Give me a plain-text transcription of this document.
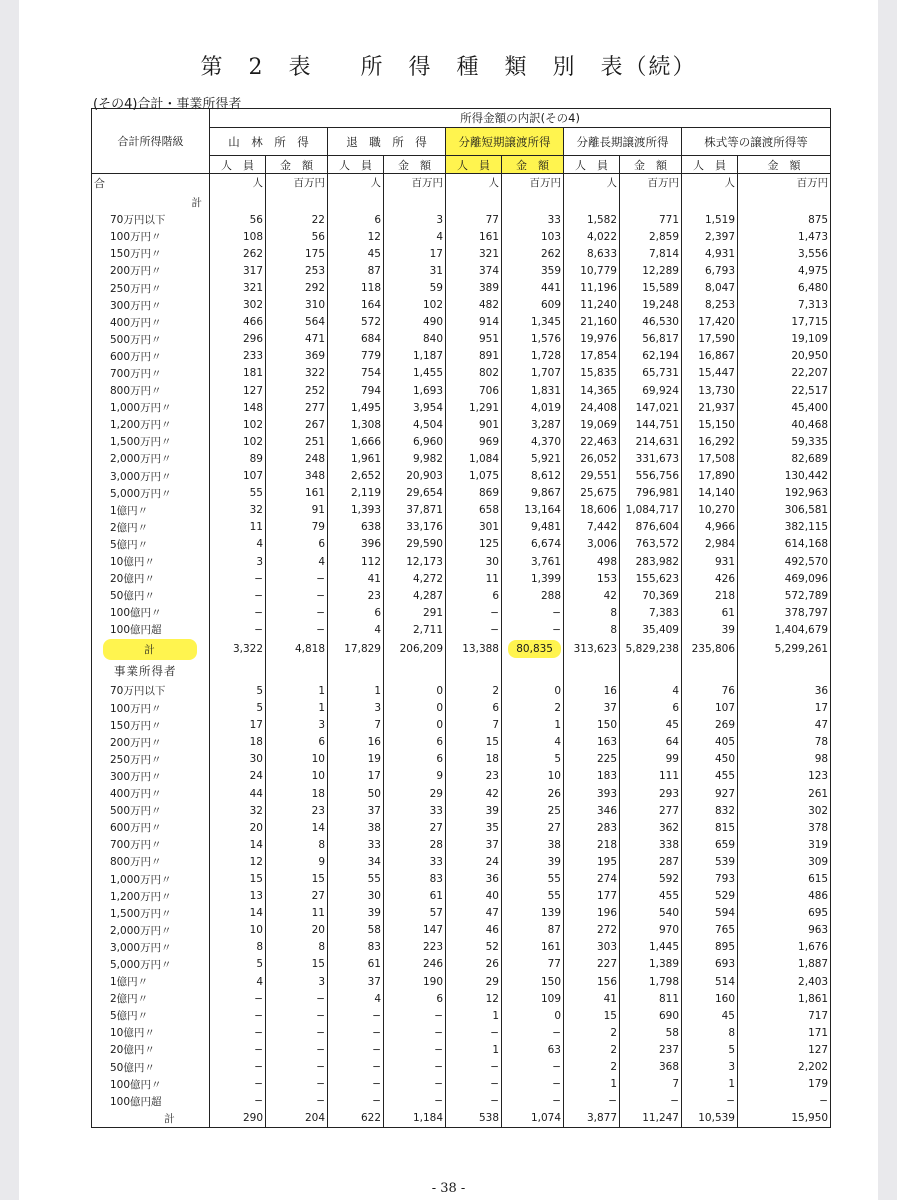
第　2　表　　所　得　種　類　別　表（続）
(その4)合計・事業所得者
合計所得階級	所得金額の内訳(その4)									
	山　林　所　得		退　職　所　得		分離短期譲渡所得		分離長期譲渡所得		株式等の譲渡所得等	
	人　員	金　額	人　員	金　額	人　員	金　額	人　員	金　額	人　員	金　額

合	人	百万円	人	百万円	人	百万円	人	百万円	人	百万円
計										
70万円以下	56	22	6	3	77	33	1,582	771	1,519	875
100万円〃	108	56	12	4	161	103	4,022	2,859	2,397	1,473
150万円〃	262	175	45	17	321	262	8,633	7,814	4,931	3,556
200万円〃	317	253	87	31	374	359	10,779	12,289	6,793	4,975
250万円〃	321	292	118	59	389	441	11,196	15,589	8,047	6,480
300万円〃	302	310	164	102	482	609	11,240	19,248	8,253	7,313
400万円〃	466	564	572	490	914	1,345	21,160	46,530	17,420	17,715
500万円〃	296	471	684	840	951	1,576	19,976	56,817	17,590	19,109
600万円〃	233	369	779	1,187	891	1,728	17,854	62,194	16,867	20,950
700万円〃	181	322	754	1,455	802	1,707	15,835	65,731	15,447	22,207
800万円〃	127	252	794	1,693	706	1,831	14,365	69,924	13,730	22,517
1,000万円〃	148	277	1,495	3,954	1,291	4,019	24,408	147,021	21,937	45,400
1,200万円〃	102	267	1,308	4,504	901	3,287	19,069	144,751	15,150	40,468
1,500万円〃	102	251	1,666	6,960	969	4,370	22,463	214,631	16,292	59,335
2,000万円〃	89	248	1,961	9,982	1,084	5,921	26,052	331,673	17,508	82,689
3,000万円〃	107	348	2,652	20,903	1,075	8,612	29,551	556,756	17,890	130,442
5,000万円〃	55	161	2,119	29,654	869	9,867	25,675	796,981	14,140	192,963
1億円〃	32	91	1,393	37,871	658	13,164	18,606	1,084,717	10,270	306,581
2億円〃	11	79	638	33,176	301	9,481	7,442	876,604	4,966	382,115
5億円〃	4	6	396	29,590	125	6,674	3,006	763,572	2,984	614,168
10億円〃	3	4	112	12,173	30	3,761	498	283,982	931	492,570
20億円〃	−	−	41	4,272	11	1,399	153	155,623	426	469,096
50億円〃	−	−	23	4,287	6	288	42	70,369	218	572,789
100億円〃	−	−	6	291	−	−	8	7,383	61	378,797
100億円超	−	−	4	2,711	−	−	8	35,409	39	1,404,679
計	3,322	4,818	17,829	206,209	13,388	80,835	313,623	5,829,238	235,806	5,299,261
事業所得者										
70万円以下	5	1	1	0	2	0	16	4	76	36
100万円〃	5	1	3	0	6	2	37	6	107	17
150万円〃	17	3	7	0	7	1	150	45	269	47
200万円〃	18	6	16	6	15	4	163	64	405	78
250万円〃	30	10	19	6	18	5	225	99	450	98
300万円〃	24	10	17	9	23	10	183	111	455	123
400万円〃	44	18	50	29	42	26	393	293	927	261
500万円〃	32	23	37	33	39	25	346	277	832	302
600万円〃	20	14	38	27	35	27	283	362	815	378
700万円〃	14	8	33	28	37	38	218	338	659	319
800万円〃	12	9	34	33	24	39	195	287	539	309
1,000万円〃	15	15	55	83	36	55	274	592	793	615
1,200万円〃	13	27	30	61	40	55	177	455	529	486
1,500万円〃	14	11	39	57	47	139	196	540	594	695
2,000万円〃	10	20	58	147	46	87	272	970	765	963
3,000万円〃	8	8	83	223	52	161	303	1,445	895	1,676
5,000万円〃	5	15	61	246	26	77	227	1,389	693	1,887
1億円〃	4	3	37	190	29	150	156	1,798	514	2,403
2億円〃	−	−	4	6	12	109	41	811	160	1,861
5億円〃	−	−	−	−	1	0	15	690	45	717
10億円〃	−	−	−	−	−	−	2	58	8	171
20億円〃	−	−	−	−	1	63	2	237	5	127
50億円〃	−	−	−	−	−	−	2	368	3	2,202
100億円〃	−	−	−	−	−	−	1	7	1	179
100億円超	−	−	−	−	−	−	−	−	−	−
計	290	204	622	1,184	538	1,074	3,877	11,247	10,539	15,950
- 38 -
